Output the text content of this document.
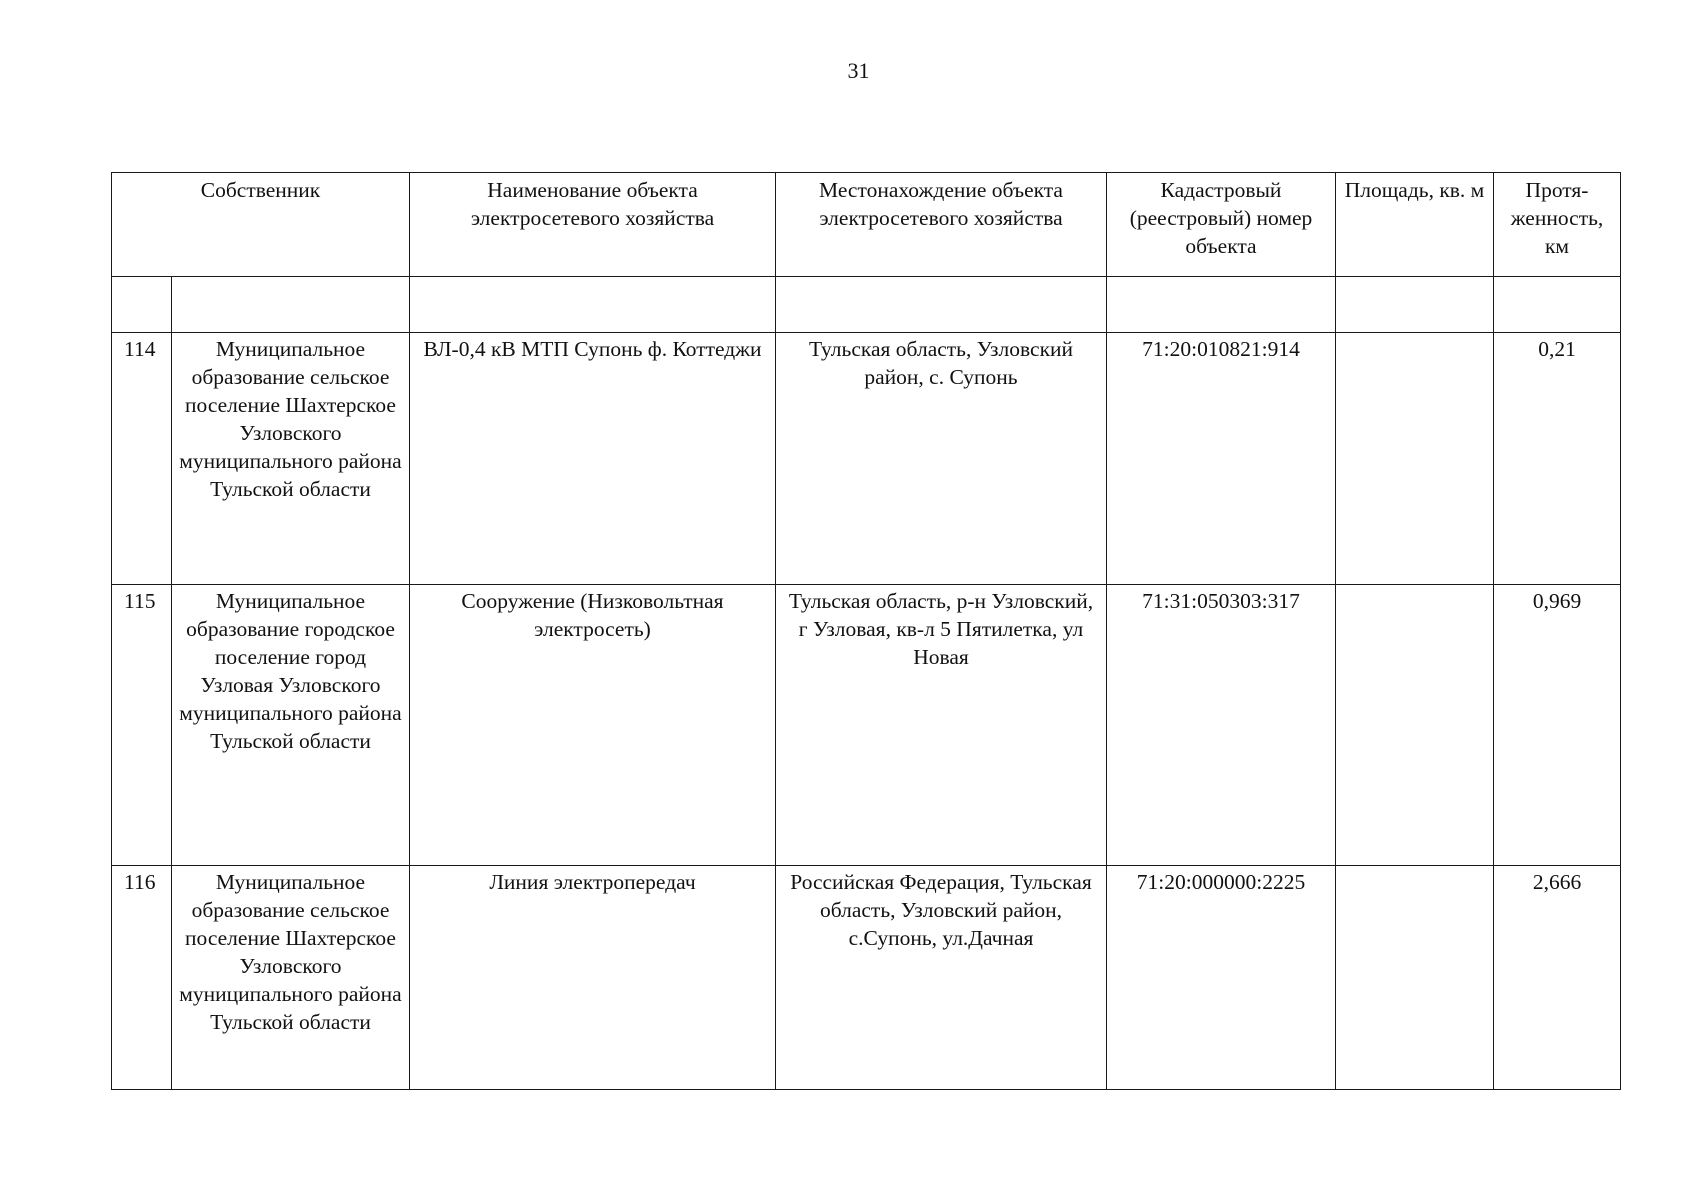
31
Собственник		Наименование объекта электросетевого хозяйства	Местонахождение объекта электросетевого хозяйства	Кадастровый (реестровый) номер объекта	Площадь, кв. м	Протя-женность, км

114	Муниципальное образование сельское поселение Шахтерское Узловского муниципального района Тульской области	ВЛ-0,4 кВ МТП Супонь ф. Коттеджи	Тульская область, Узловский район, с. Супонь	71:20:010821:914		0,21
115	Муниципальное образование городское поселение город Узловая Узловского муниципального района Тульской области	Сооружение (Низковольтная электросеть)	Тульская область, р-н Узловский, г Узловая, кв-л 5 Пятилетка, ул Новая	71:31:050303:317		0,969
116	Муниципальное образование сельское поселение Шахтерское Узловского муниципального района Тульской области	Линия электропередач	Российская Федерация, Тульская область, Узловский район, с.Супонь, ул.Дачная	71:20:000000:2225		2,666
